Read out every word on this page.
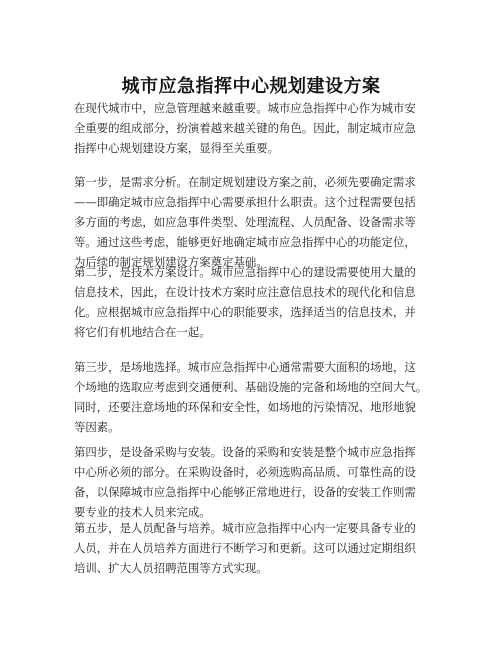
城市应急指挥中心规划建设方案
在现代城市中，应急管理越来越重要。城市应急指挥中心作为城市安
全重要的组成部分，扮演着越来越关键的角色。因此，制定城市应急
指挥中心规划建设方案，显得至关重要。
第一步，是需求分析。在制定规划建设方案之前，必须先要确定需求
——即确定城市应急指挥中心需要承担什么职责。这个过程需要包括
多方面的考虑，如应急事件类型、处理流程、人员配备、设备需求等
等。通过这些考虑，能够更好地确定城市应急指挥中心的功能定位，
为后续的制定规划建设方案奠定基础。
第二步，是技术方案设计。城市应急指挥中心的建设需要使用大量的
信息技术，因此，在设计技术方案时应注意信息技术的现代化和信息
化。应根据城市应急指挥中心的职能要求，选择适当的信息技术，并
将它们有机地结合在一起。
第三步，是场地选择。城市应急指挥中心通常需要大面积的场地，这
个场地的选取应考虑到交通便利、基础设施的完备和场地的空间大气。
同时，还要注意场地的环保和安全性，如场地的污染情况、地形地貌
等因素。
第四步，是设备采购与安装。设备的采购和安装是整个城市应急指挥
中心所必须的部分。在采购设备时，必须选购高品质、可靠性高的设
备，以保障城市应急指挥中心能够正常地进行，设备的安装工作则需
要专业的技术人员来完成。
第五步，是人员配备与培养。城市应急指挥中心内一定要具备专业的
人员，并在人员培养方面进行不断学习和更新。这可以通过定期组织
培训、扩大人员招聘范围等方式实现。
